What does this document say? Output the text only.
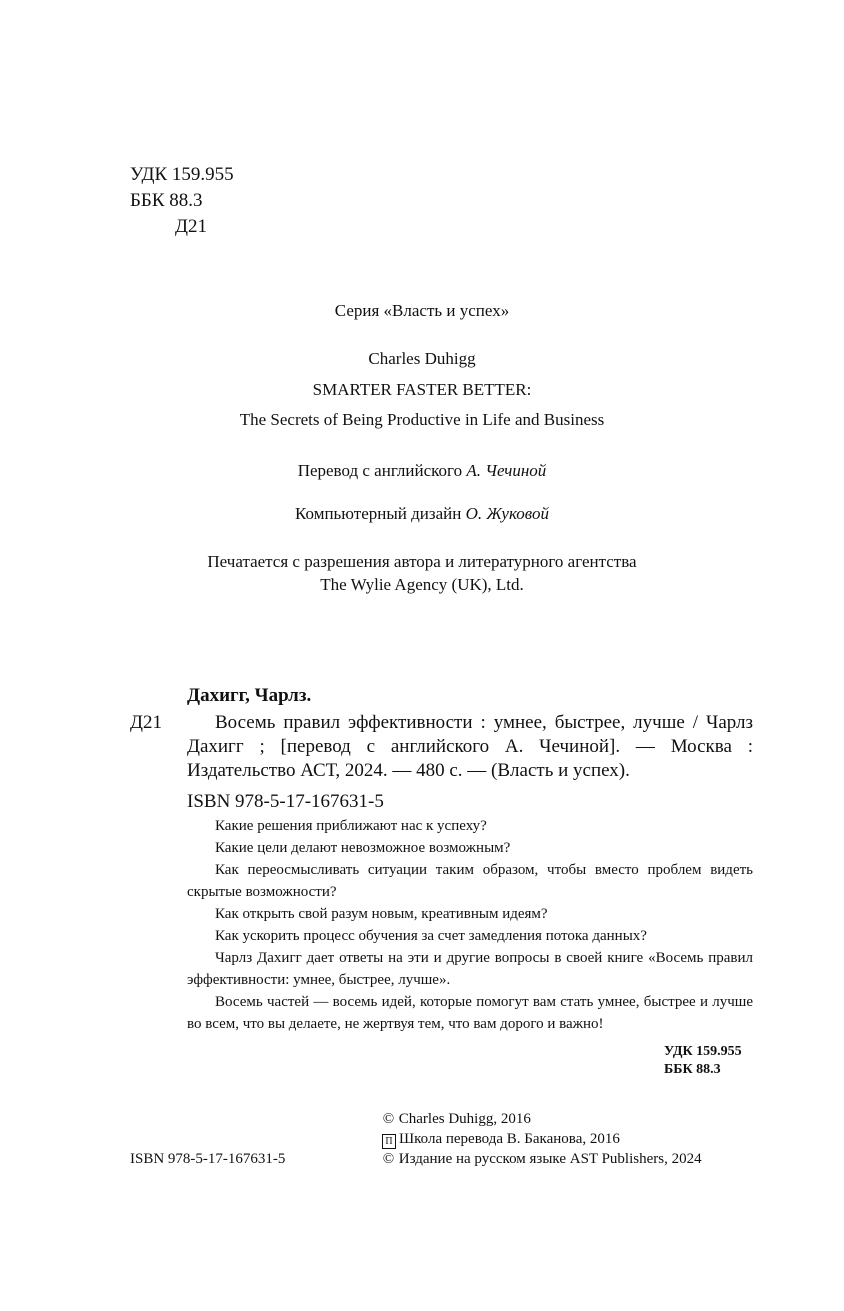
УДК 159.955
ББК 88.3
Д21
Серия «Власть и успех»
Charles Duhigg
SMARTER FASTER BETTER:
The Secrets of Being Productive in Life and Business
Перевод с английского А. Чечиной
Компьютерный дизайн О. Жуковой
Печатается с разрешения автора и литературного агентства
The Wylie Agency (UK), Ltd.
Дахигг, Чарлз.
Д21	Восемь правил эффективности : умнее, быстрее, лучше / Чарлз Дахигг ; [перевод с английского А. Чечиной]. — Москва : Издательство АСТ, 2024. — 480 с. — (Власть и успех).
ISBN 978-5-17-167631-5

Какие решения приближают нас к успеху?

Какие цели делают невозможное возможным?

Как переосмысливать ситуации таким образом, чтобы вместо проблем видеть скрытые возможности?

Как открыть свой разум новым, креативным идеям?

Как ускорить процесс обучения за счет замедления потока данных?

Чарлз Дахигг дает ответы на эти и другие вопросы в своей книге «Восемь правил эффективности: умнее, быстрее, лучше».

Восемь частей — восемь идей, которые помогут вам стать умнее, быстрее и лучше во всем, что вы делаете, не жертвуя тем, что вам дорого и важно!

УДК 159.955
ББК 88.3
ISBN 978-5-17-167631-5
© Charles Duhigg, 2016
П Школа перевода В. Баканова, 2016
© Издание на русском языке AST Publishers, 2024
